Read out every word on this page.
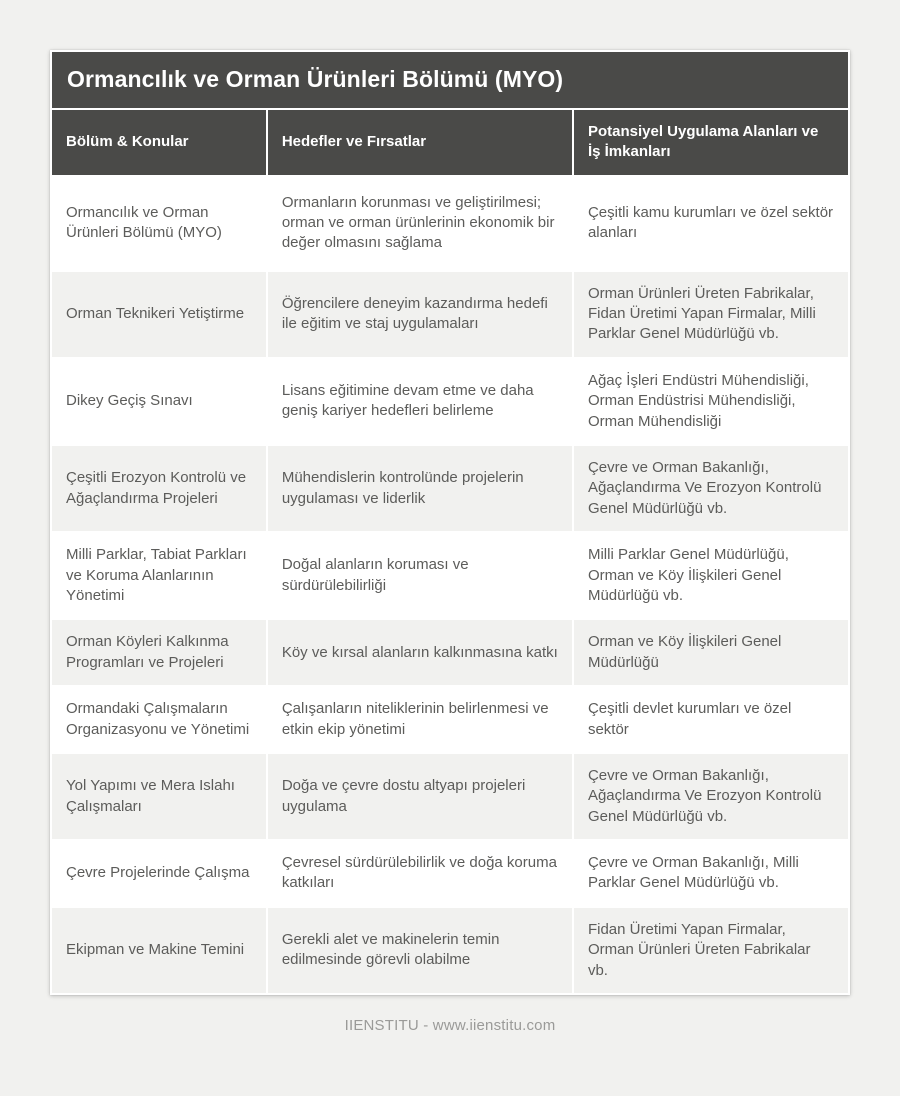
Ormancılık ve Orman Ürünleri Bölümü (MYO)		
Bölüm & Konular	Hedefler ve Fırsatlar	Potansiyel Uygulama Alanları ve İş İmkanları
Ormancılık ve Orman Ürünleri Bölümü (MYO)	Ormanların korunması ve geliştirilmesi; orman ve orman ürünlerinin ekonomik bir değer olmasını sağlama	Çeşitli kamu kurumları ve özel sektör alanları
Orman Teknikeri Yetiştirme	Öğrencilere deneyim kazandırma hedefi ile eğitim ve staj uygulamaları	Orman Ürünleri Üreten Fabrikalar, Fidan Üretimi Yapan Firmalar, Milli Parklar Genel Müdürlüğü vb.
Dikey Geçiş Sınavı	Lisans eğitimine devam etme ve daha geniş kariyer hedefleri belirleme	Ağaç İşleri Endüstri Mühendisliği, Orman Endüstrisi Mühendisliği, Orman Mühendisliği
Çeşitli Erozyon Kontrolü ve Ağaçlandırma Projeleri	Mühendislerin kontrolünde projelerin uygulaması ve liderlik	Çevre ve Orman Bakanlığı, Ağaçlandırma Ve Erozyon Kontrolü Genel Müdürlüğü vb.
Milli Parklar, Tabiat Parkları ve Koruma Alanlarının Yönetimi	Doğal alanların koruması ve sürdürülebilirliği	Milli Parklar Genel Müdürlüğü, Orman ve Köy İlişkileri Genel Müdürlüğü vb.
Orman Köyleri Kalkınma Programları ve Projeleri	Köy ve kırsal alanların kalkınmasına katkı	Orman ve Köy İlişkileri Genel Müdürlüğü
Ormandaki Çalışmaların Organizasyonu ve Yönetimi	Çalışanların niteliklerinin belirlenmesi ve etkin ekip yönetimi	Çeşitli devlet kurumları ve özel sektör
Yol Yapımı ve Mera Islahı Çalışmaları	Doğa ve çevre dostu altyapı projeleri uygulama	Çevre ve Orman Bakanlığı, Ağaçlandırma Ve Erozyon Kontrolü Genel Müdürlüğü vb.
Çevre Projelerinde Çalışma	Çevresel sürdürülebilirlik ve doğa koruma katkıları	Çevre ve Orman Bakanlığı, Milli Parklar Genel Müdürlüğü vb.
Ekipman ve Makine Temini	Gerekli alet ve makinelerin temin edilmesinde görevli olabilme	Fidan Üretimi Yapan Firmalar, Orman Ürünleri Üreten Fabrikalar vb.
IIENSTITU - www.iienstitu.com
